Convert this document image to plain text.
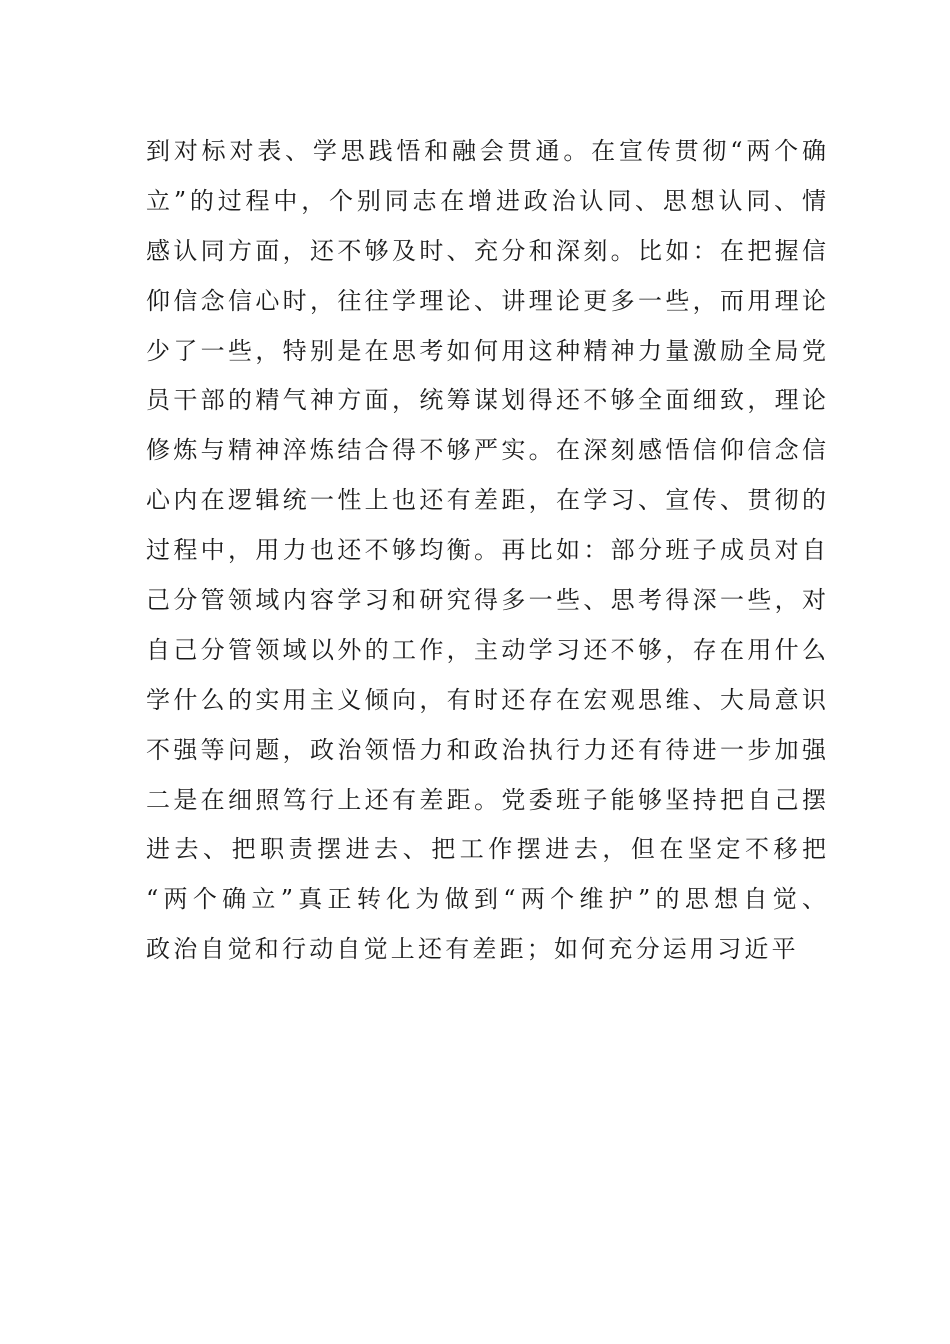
到对标对表、学思践悟和融会贯通。在宣传贯彻“两个确
立”的过程中，个别同志在增进政治认同、思想认同、情
感认同方面，还不够及时、充分和深刻。比如：在把握信
仰信念信心时，往往学理论、讲理论更多一些，而用理论
少了一些，特别是在思考如何用这种精神力量激励全局党
员干部的精气神方面，统筹谋划得还不够全面细致，理论
修炼与精神淬炼结合得不够严实。在深刻感悟信仰信念信
心内在逻辑统一性上也还有差距，在学习、宣传、贯彻的
过程中，用力也还不够均衡。再比如：部分班子成员对自
己分管领域内容学习和研究得多一些、思考得深一些，对
自己分管领域以外的工作，主动学习还不够，存在用什么
学什么的实用主义倾向，有时还存在宏观思维、大局意识
不强等问题，政治领悟力和政治执行力还有待进一步加强
二是在细照笃行上还有差距。党委班子能够坚持把自己摆
进去、把职责摆进去、把工作摆进去，但在坚定不移把
“两个确立”真正转化为做到“两个维护”的思想自觉、
政治自觉和行动自觉上还有差距；如何充分运用习近平
